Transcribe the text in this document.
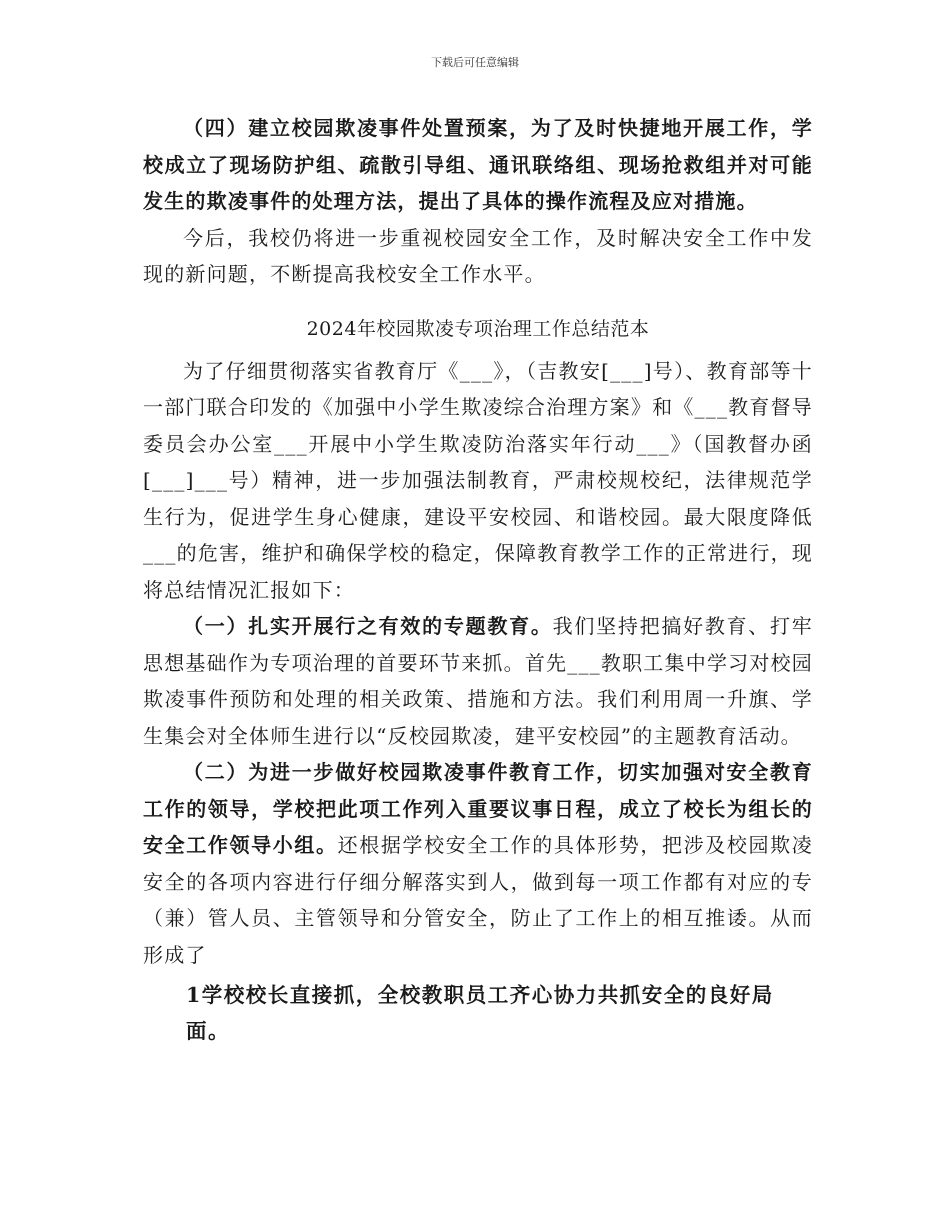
下载后可任意编辑

（四）建立校园欺凌事件处置预案，为了及时快捷地开展工作，学校成立了现场防护组、疏散引导组、通讯联络组、现场抢救组并对可能发生的欺凌事件的处理方法，提出了具体的操作流程及应对措施。

今后，我校仍将进一步重视校园安全工作，及时解决安全工作中发现的新问题，不断提高我校安全工作水平。

2024年校园欺凌专项治理工作总结范本

为了仔细贯彻落实省教育厅《___》，（吉教安[___]号）、教育部等十一部门联合印发的《加强中小学生欺凌综合治理方案》和《___教育督导委员会办公室___开展中小学生欺凌防治落实年行动___》（国教督办函[___]___号）精神，进一步加强法制教育，严肃校规校纪，法律规范学生行为，促进学生身心健康，建设平安校园、和谐校园。最大限度降低___的危害，维护和确保学校的稳定，保障教育教学工作的正常进行，现将总结情况汇报如下：

（一）扎实开展行之有效的专题教育。我们坚持把搞好教育、打牢思想基础作为专项治理的首要环节来抓。首先___教职工集中学习对校园欺凌事件预防和处理的相关政策、措施和方法。我们利用周一升旗、学生集会对全体师生进行以“反校园欺凌，建平安校园”的主题教育活动。

（二）为进一步做好校园欺凌事件教育工作，切实加强对安全教育工作的领导，学校把此项工作列入重要议事日程，成立了校长为组长的安全工作领导小组。还根据学校安全工作的具体形势，把涉及校园欺凌安全的各项内容进行仔细分解落实到人，做到每一项工作都有对应的专（兼）管人员、主管领导和分管安全，防止了工作上的相互推诿。从而形成了

1学校校长直接抓，全校教职员工齐心协力共抓安全的良好局面。
